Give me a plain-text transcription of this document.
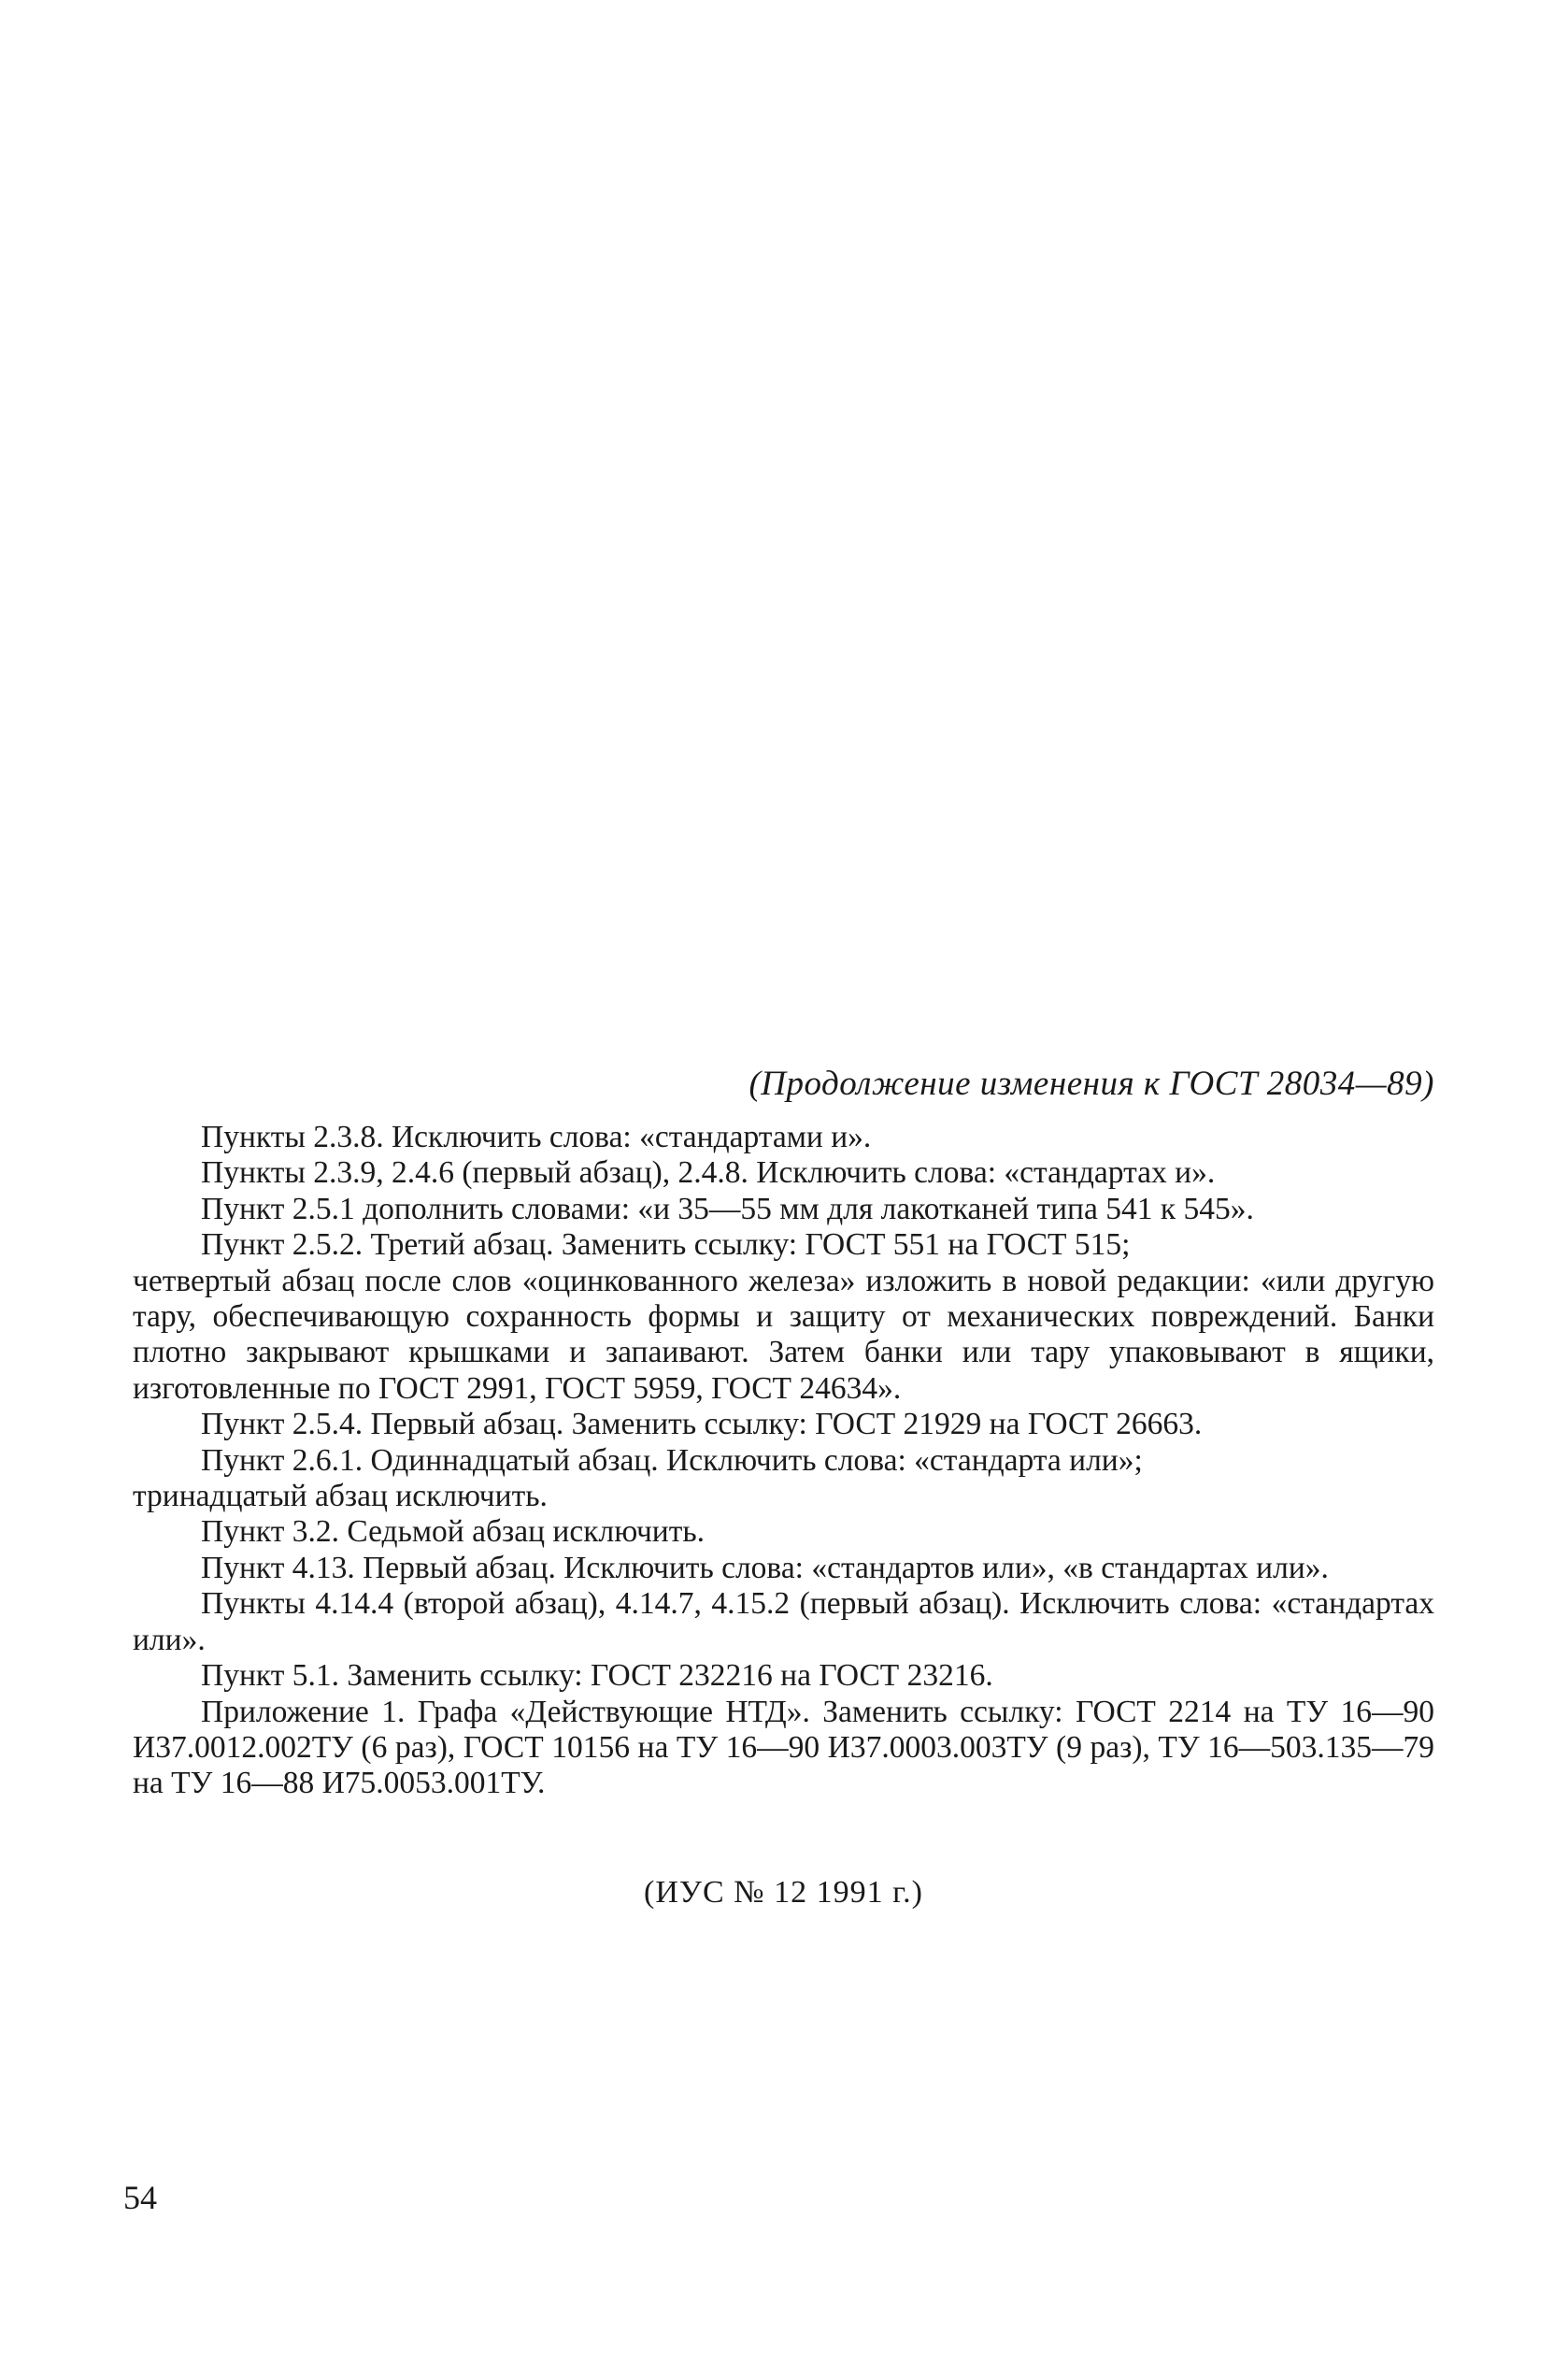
(Продолжение изменения к ГОСТ 28034—89)

Пункты 2.3.8. Исключить слова: «стандартами и».

Пункты 2.3.9, 2.4.6 (первый абзац), 2.4.8. Исключить слова: «стандартах и».

Пункт 2.5.1 дополнить словами: «и 35—55 мм для лакотканей типа 541 к 545».

Пункт 2.5.2. Третий абзац. Заменить ссылку: ГОСТ 551 на ГОСТ 515;

четвертый абзац после слов «оцинкованного железа» изложить в новой редакции: «или другую тару, обеспечивающую сохранность формы и защиту от механических повреждений. Банки плотно закрывают крышками и запаивают. Затем банки или тару упаковывают в ящики, изготовленные по ГОСТ 2991, ГОСТ 5959, ГОСТ 24634».

Пункт 2.5.4. Первый абзац. Заменить ссылку: ГОСТ 21929 на ГОСТ 26663.

Пункт 2.6.1. Одиннадцатый абзац. Исключить слова: «стандарта или»;

тринадцатый абзац исключить.

Пункт 3.2. Седьмой абзац исключить.

Пункт 4.13. Первый абзац. Исключить слова: «стандартов или», «в стандартах или».

Пункты 4.14.4 (второй абзац), 4.14.7, 4.15.2 (первый абзац). Исключить слова: «стандартах или».

Пункт 5.1. Заменить ссылку: ГОСТ 232216 на ГОСТ 23216.

Приложение 1. Графа «Действующие НТД». Заменить ссылку: ГОСТ 2214 на ТУ 16—90 И37.0012.002ТУ (6 раз), ГОСТ 10156 на ТУ 16—90 И37.0003.003ТУ (9 раз), ТУ 16—503.135—79 на ТУ 16—88 И75.0053.001ТУ.

(ИУС № 12 1991 г.)
54
